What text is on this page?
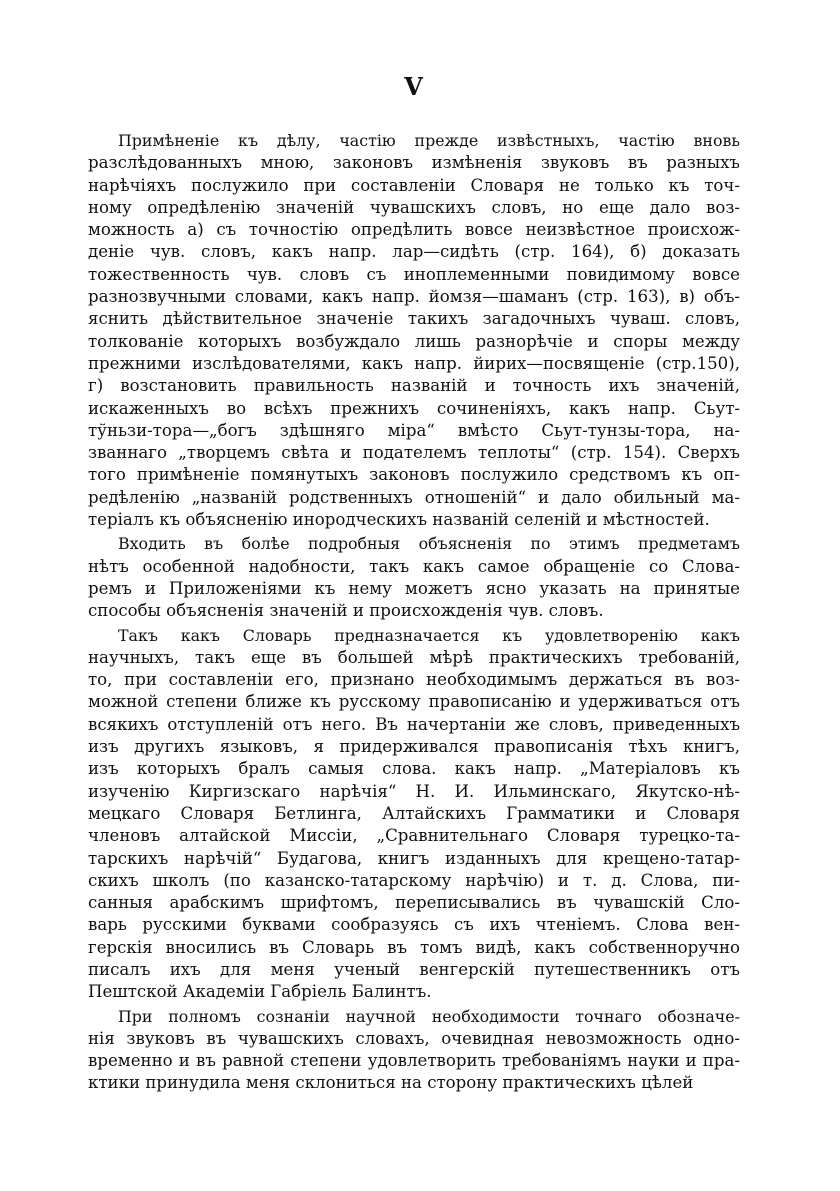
V
Примѣненіе къ дѣлу, частію прежде извѣстныхъ, частію вновь
разслѣдованныхъ мною, законовъ измѣненія звуковъ въ разныхъ
нарѣчіяхъ послужило при составленіи Словаря не только къ точ-
ному опредѣленію значеній чувашскихъ словъ, но еще дало воз-
можность а) съ точностію опредѣлить вовсе неизвѣстное происхож-
деніе чув. словъ, какъ напр. лар—сидѣть (стр. 164), б) доказать
тожественность чув. словъ съ иноплеменными повидимому вовсе
разнозвучными словами, какъ напр. йомзя—шаманъ (стр. 163), в) объ-
яснить дѣйствительное значеніе такихъ загадочныхъ чуваш. словъ,
толкованіе которыхъ возбуждало лишь разнорѣчіе и споры между
прежними изслѣдователями, какъ напр. йирих—посвященіе (стр.150),
г) возстановить правильность названій и точность ихъ значеній,
искаженныхъ во всѣхъ прежнихъ сочиненіяхъ, какъ напр. Сьут-
тўньзи-тора—„богъ здѣшняго міра“ вмѣсто Сьут-тунзы-тора, на-
званнаго „творцемъ свѣта и подателемъ теплоты“ (стр. 154). Сверхъ
того примѣненіе помянутыхъ законовъ послужило средствомъ къ оп-
редѣленію „названій родственныхъ отношеній“ и дало обильный ма-
теріалъ къ объясненію инородческихъ названій селеній и мѣстностей.
Входить въ болѣе подробныя объясненія по этимъ предметамъ
нѣтъ особенной надобности, такъ какъ самое обращеніе со Слова-
ремъ и Приложеніями къ нему можетъ ясно указать на принятые
способы объясненія значеній и происхожденія чув. словъ.
Такъ какъ Словарь предназначается къ удовлетворенію какъ
научныхъ, такъ еще въ большей мѣрѣ практическихъ требованій,
то, при составленіи его, признано необходимымъ держаться въ воз-
можной степени ближе къ русскому правописанію и удерживаться отъ
всякихъ отступленій отъ него. Въ начертаніи же словъ, приведенныхъ
изъ другихъ языковъ, я придерживался правописанія тѣхъ книгъ,
изъ которыхъ бралъ самыя слова. какъ напр. „Матеріаловъ къ
изученію Киргизскаго нарѣчія“ Н. И. Ильминскаго, Якутско-нѣ-
мецкаго Словаря Бетлинга, Алтайскихъ Грамматики и Словаря
членовъ алтайской Миссіи, „Сравнительнаго Словаря турецко-та-
тарскихъ нарѣчій“ Будагова, книгъ изданныхъ для крещено-татар-
скихъ школъ (по казанско-татарскому нарѣчію) и т. д. Слова, пи-
санныя арабскимъ шрифтомъ, переписывались въ чувашскій Сло-
варь русскими буквами сообразуясь съ ихъ чтеніемъ. Слова вен-
герскія вносились въ Словарь въ томъ видѣ, какъ собственноручно
писалъ ихъ для меня ученый венгерскій путешественникъ отъ
Пештской Академіи Габріель Балинтъ.
При полномъ сознаніи научной необходимости точнаго обозначе-
нія звуковъ въ чувашскихъ словахъ, очевидная невозможность одно-
временно и въ равной степени удовлетворить требованіямъ науки и пра-
ктики принудила меня склониться на сторону практическихъ цѣлей
